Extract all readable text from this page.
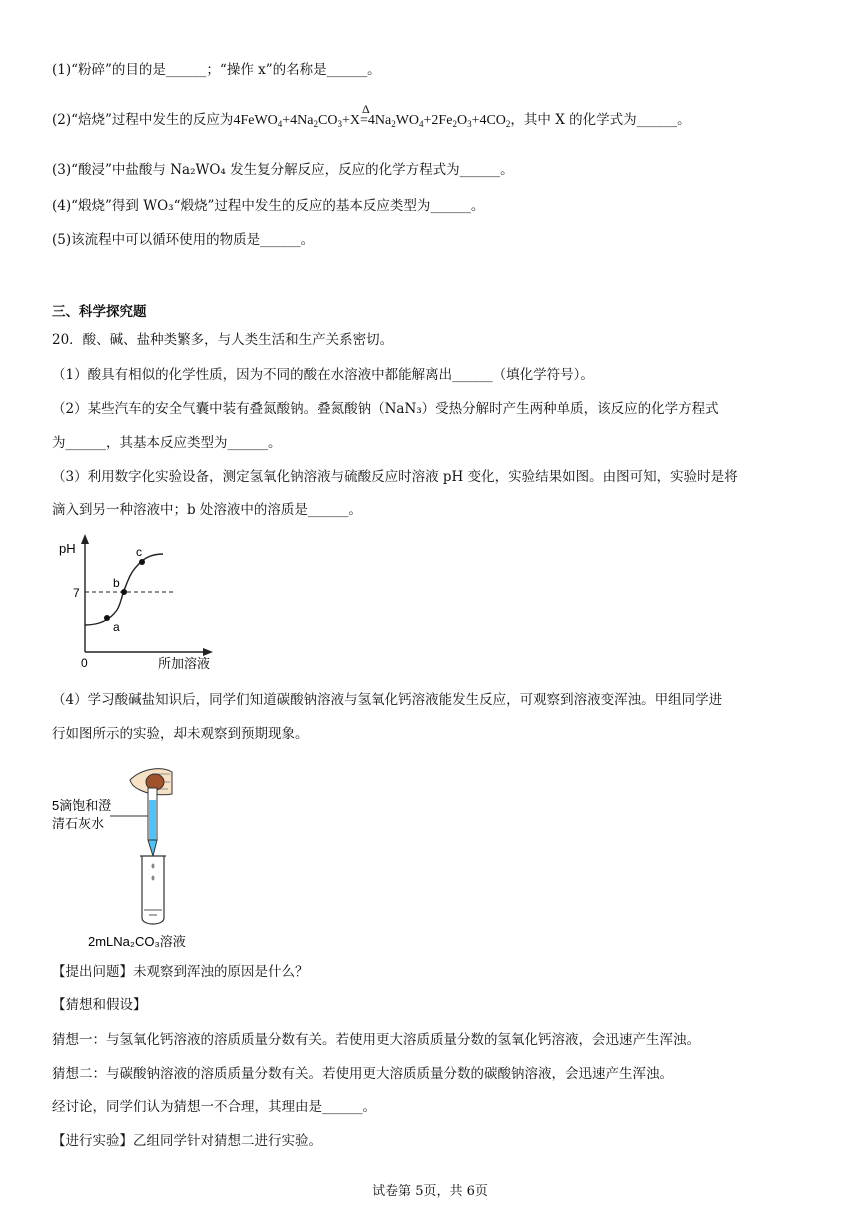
(1)“粉碎”的目的是______；“操作 x”的名称是______。
(2)“焙烧”过程中发生的反应为$4FeWO_4+4Na_2CO_3+X$
Δ
$=4Na_2WO_4+2Fe_2O_3+4CO_2$，其中 X 的化学式为______。
(3)“酸浸”中盐酸与 Na₂WO₄ 发生复分解反应，反应的化学方程式为______。
(4)“煅烧”得到 WO₃“煅烧”过程中发生的反应的基本反应类型为______。
(5)该流程中可以循环使用的物质是______。
三、科学探究题
20．酸、碱、盐种类繁多，与人类生活和生产关系密切。
（1）酸具有相似的化学性质，因为不同的酸在水溶液中都能解离出______（填化学符号）。
（2）某些汽车的安全气囊中装有叠氮酸钠。叠氮酸钠（NaN₃）受热分解时产生两种单质，该反应的化学方程式
为______，其基本反应类型为______。
（3）利用数字化实验设备，测定氢氧化钠溶液与硫酸反应时溶液 pH 变化，实验结果如图。由图可知，实验时是将
滴入到另一种溶液中；b 处溶液中的溶质是______。
pH
7
0
a
b
c
所加溶液
（4）学习酸碱盐知识后，同学们知道碳酸钠溶液与氢氧化钙溶液能发生反应，可观察到溶液变浑浊。甲组同学进
行如图所示的实验，却未观察到预期现象。
5滴饱和澄
清石灰水
2mLNa₂CO₃溶液
【提出问题】未观察到浑浊的原因是什么？
【猜想和假设】
猜想一：与氢氧化钙溶液的溶质质量分数有关。若使用更大溶质质量分数的氢氧化钙溶液，会迅速产生浑浊。
猜想二：与碳酸钠溶液的溶质质量分数有关。若使用更大溶质质量分数的碳酸钠溶液，会迅速产生浑浊。
经讨论，同学们认为猜想一不合理，其理由是______。
【进行实验】乙组同学针对猜想二进行实验。
试卷第 5页，共 6页
